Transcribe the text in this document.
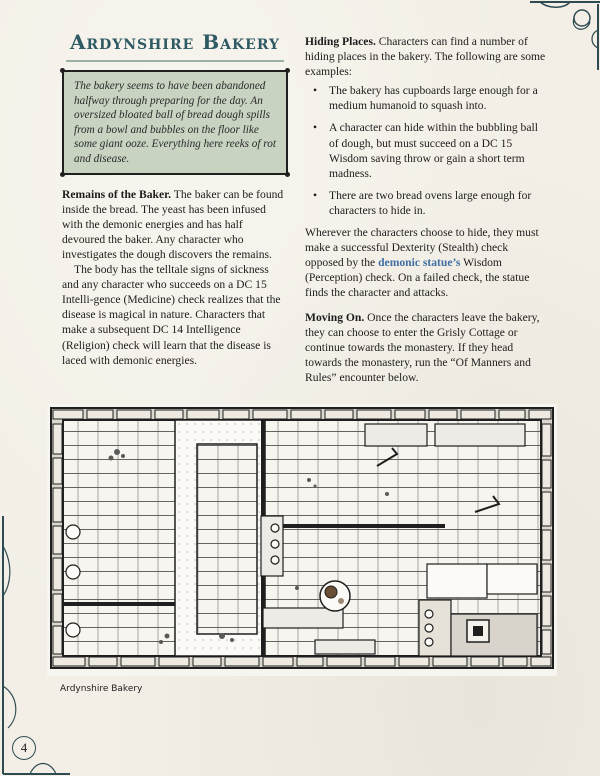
Ardynshire Bakery
The bakery seems to have been abandoned halfway through preparing for the day. An oversized bloated ball of bread dough spills from a bowl and bubbles on the floor like some giant ooze. Everything here reeks of rot and disease.

Remains of the Baker. The baker can be found inside the bread. The yeast has been infused with the demonic energies and has half devoured the baker. Any character who investigates the dough discovers the remains.

The body has the telltale signs of sickness and any character who succeeds on a DC 15 Intelli-gence (Medicine) check realizes that the disease is magical in nature. Characters that make a subsequent DC 14 Intelligence (Religion) check will learn that the disease is laced with demonic energies.

Hiding Places. Characters can find a number of hiding places in the bakery. The following are some examples:

• The bakery has cupboards large enough for a medium humanoid to squash into.
• A character can hide within the bubbling ball of dough, but must succeed on a DC 15 Wisdom saving throw or gain a short term madness.
• There are two bread ovens large enough for characters to hide in.

Wherever the characters choose to hide, they must make a successful Dexterity (Stealth) check opposed by the demonic statue’s Wisdom (Perception) check. On a failed check, the statue finds the character and attacks.

Moving On. Once the characters leave the bakery, they can choose to enter the Grisly Cottage or continue towards the monastery. If they head towards the monastery, run the “Of Manners and Rules” encounter below.

Ardynshire Bakery
4
